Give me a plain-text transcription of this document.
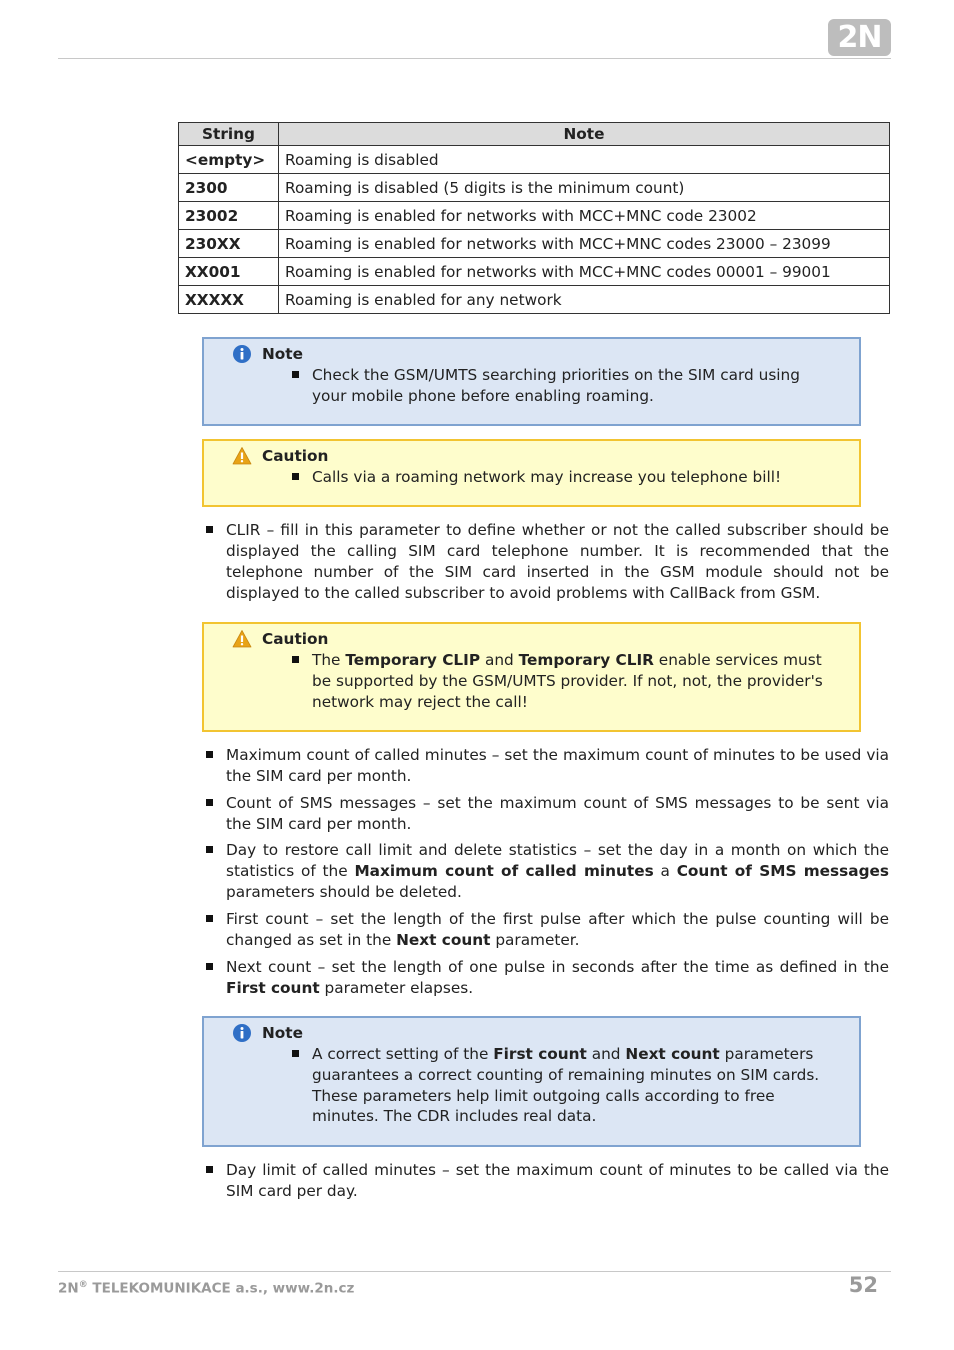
2N
String	Note
<empty>	Roaming is disabled
2300	Roaming is disabled (5 digits is the minimum count)
23002	Roaming is enabled for networks with MCC+MNC code 23002
230XX	Roaming is enabled for networks with MCC+MNC codes 23000 – 23099
XX001	Roaming is enabled for networks with MCC+MNC codes 00001 – 99001
XXXXX	Roaming is enabled for any network
Note
Check the GSM/UMTS searching priorities on the SIM card using your mobile phone before enabling roaming.
Caution
Calls via a roaming network may increase you telephone bill!
CLIR – fill in this parameter to define whether or not the called subscriber should be displayed the calling SIM card telephone number. It is recommended that the telephone number of the SIM card inserted in the GSM module should not be displayed to the called subscriber to avoid problems with CallBack from GSM.
Caution
The Temporary CLIP and Temporary CLIR enable services must be supported by the GSM/UMTS provider. If not, not, the provider's network may reject the call!
Maximum count of called minutes – set the maximum count of minutes to be used via the SIM card per month.
Count of SMS messages – set the maximum count of SMS messages to be sent via the SIM card per month.
Day to restore call limit and delete statistics – set the day in a month on which the statistics of the Maximum count of called minutes a Count of SMS messages parameters should be deleted.
First count – set the length of the first pulse after which the pulse counting will be changed as set in the Next count parameter.
Next count – set the length of one pulse in seconds after the time as defined in the First count parameter elapses.
Note
A correct setting of the First count and Next count parameters guarantees a correct counting of remaining minutes on SIM cards. These parameters help limit outgoing calls according to free minutes. The CDR includes real data.
Day limit of called minutes – set the maximum count of minutes to be called via the SIM card per day.
2N® TELEKOMUNIKACE a.s., www.2n.cz	52
